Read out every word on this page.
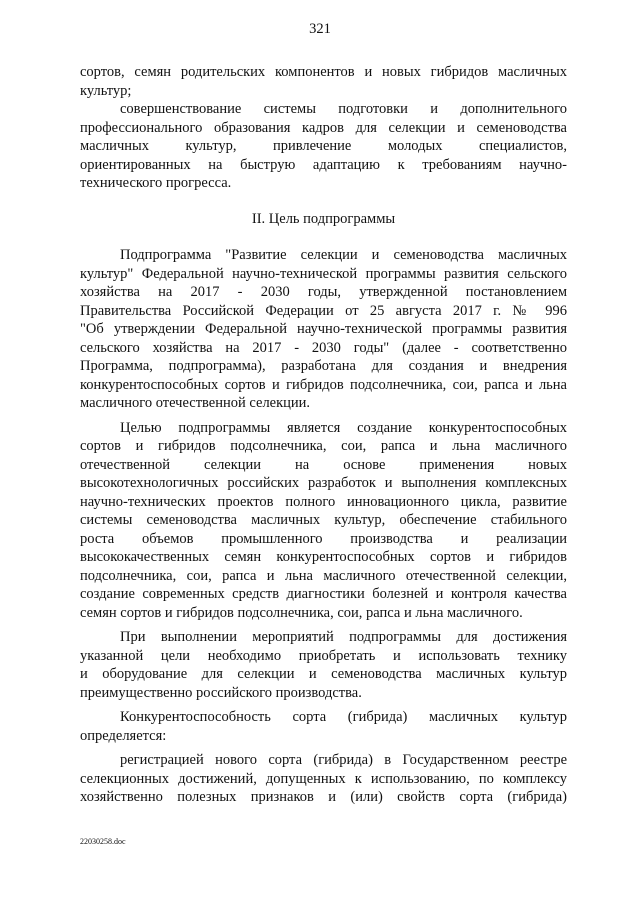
321

сортов, семян родительских компонентов и новых гибридов масличных
культур;

совершенствование системы подготовки и дополнительного

профессионального образования кадров для селекции и семеноводства
масличных культур, привлечение молодых специалистов,
ориентированных на быструю адаптацию к требованиям научно-
технического прогресса.

II. Цель подпрограммы

Подпрограмма "Развитие селекции и семеноводства масличных
культур" Федеральной научно-технической программы развития сельского
хозяйства на 2017 - 2030 годы, утвержденной постановлением
Правительства Российской Федерации от 25 августа 2017 г. № 996
"Об утверждении Федеральной научно-технической программы развития
сельского хозяйства на 2017 - 2030 годы" (далее - соответственно
Программа, подпрограмма), разработана для создания и внедрения
конкурентоспособных сортов и гибридов подсолнечника, сои, рапса и льна
масличного отечественной селекции.

Целью подпрограммы является создание конкурентоспособных
сортов и гибридов подсолнечника, сои, рапса и льна масличного
отечественной селекции на основе применения новых
высокотехнологичных российских разработок и выполнения комплексных
научно-технических проектов полного инновационного цикла, развитие
системы семеноводства масличных культур, обеспечение стабильного
роста объемов промышленного производства и реализации
высококачественных семян конкурентоспособных сортов и гибридов
подсолнечника, сои, рапса и льна масличного отечественной селекции,
создание современных средств диагностики болезней и контроля качества
семян сортов и гибридов подсолнечника, сои, рапса и льна масличного.

При выполнении мероприятий подпрограммы для достижения
указанной цели необходимо приобретать и использовать технику
и оборудование для селекции и семеноводства масличных культур
преимущественно российского производства.

Конкурентоспособность сорта (гибрида) масличных культур
определяется:

регистрацией нового сорта (гибрида) в Государственном реестре
селекционных достижений, допущенных к использованию, по комплексу
хозяйственно полезных признаков и (или) свойств сорта (гибрида)

22030258.doc
